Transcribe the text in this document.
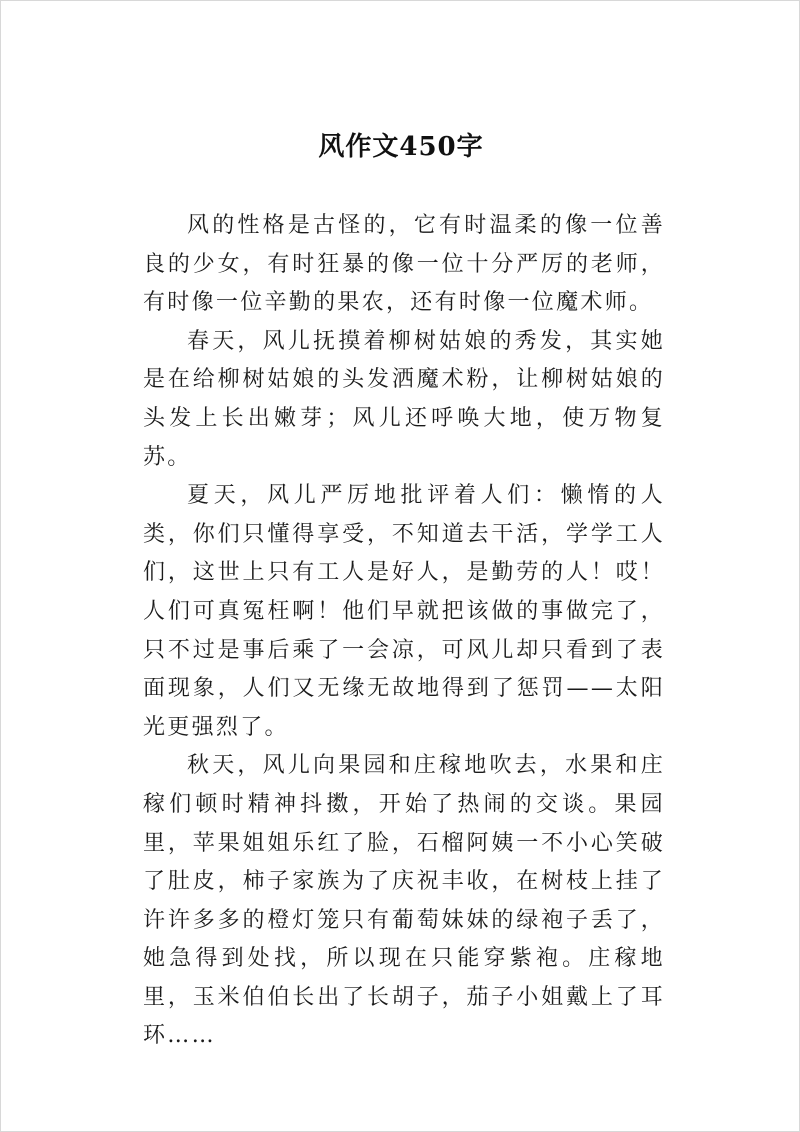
风作文450字

风的性格是古怪的，它有时温柔的像一位善良的少女，有时狂暴的像一位十分严厉的老师，有时像一位辛勤的果农，还有时像一位魔术师。

春天，风儿抚摸着柳树姑娘的秀发，其实她是在给柳树姑娘的头发洒魔术粉，让柳树姑娘的头发上长出嫩芽；风儿还呼唤大地，使万物复苏。

夏天，风儿严厉地批评着人们：懒惰的人类，你们只懂得享受，不知道去干活，学学工人们，这世上只有工人是好人，是勤劳的人！哎！人们可真冤枉啊！他们早就把该做的事做完了，只不过是事后乘了一会凉，可风儿却只看到了表面现象，人们又无缘无故地得到了惩罚——太阳光更强烈了。

秋天，风儿向果园和庄稼地吹去，水果和庄稼们顿时精神抖擞，开始了热闹的交谈。果园里，苹果姐姐乐红了脸，石榴阿姨一不小心笑破了肚皮，柿子家族为了庆祝丰收，在树枝上挂了许许多多的橙灯笼只有葡萄妹妹的绿袍子丢了，她急得到处找，所以现在只能穿紫袍。庄稼地里，玉米伯伯长出了长胡子，茄子小姐戴上了耳环……
